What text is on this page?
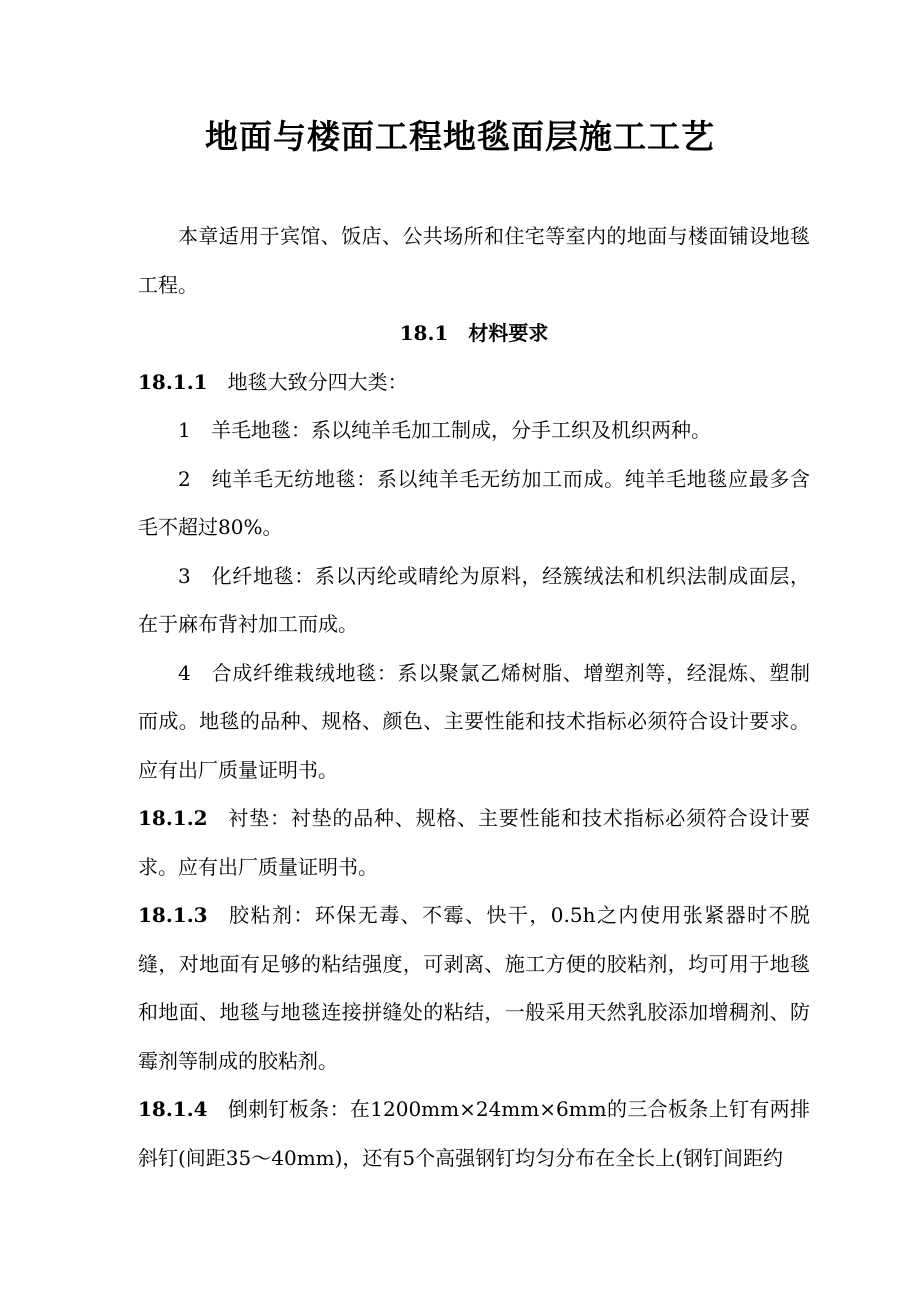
地面与楼面工程地毯面层施工工艺

本章适用于宾馆、饭店、公共场所和住宅等室内的地面与楼面铺设地毯工程。

18.1 材料要求

18.1.1 地毯大致分四大类：

1 羊毛地毯：系以纯羊毛加工制成，分手工织及机织两种。

2 纯羊毛无纺地毯：系以纯羊毛无纺加工而成。纯羊毛地毯应最多含毛不超过80%。

3 化纤地毯：系以丙纶或晴纶为原料，经簇绒法和机织法制成面层，在于麻布背衬加工而成。

4 合成纤维栽绒地毯：系以聚氯乙烯树脂、增塑剂等，经混炼、塑制而成。地毯的品种、规格、颜色、主要性能和技术指标必须符合设计要求。应有出厂质量证明书。

18.1.2 衬垫：衬垫的品种、规格、主要性能和技术指标必须符合设计要求。应有出厂质量证明书。

18.1.3 胶粘剂：环保无毒、不霉、快干，0.5h之内使用张紧器时不脱缝，对地面有足够的粘结强度，可剥离、施工方便的胶粘剂，均可用于地毯和地面、地毯与地毯连接拼缝处的粘结，一般采用天然乳胶添加增稠剂、防霉剂等制成的胶粘剂。

18.1.4 倒刺钉板条：在1200mm×24mm×6mm的三合板条上钉有两排斜钉(间距35～40mm)，还有5个高强钢钉均匀分布在全长上(钢钉间距约
